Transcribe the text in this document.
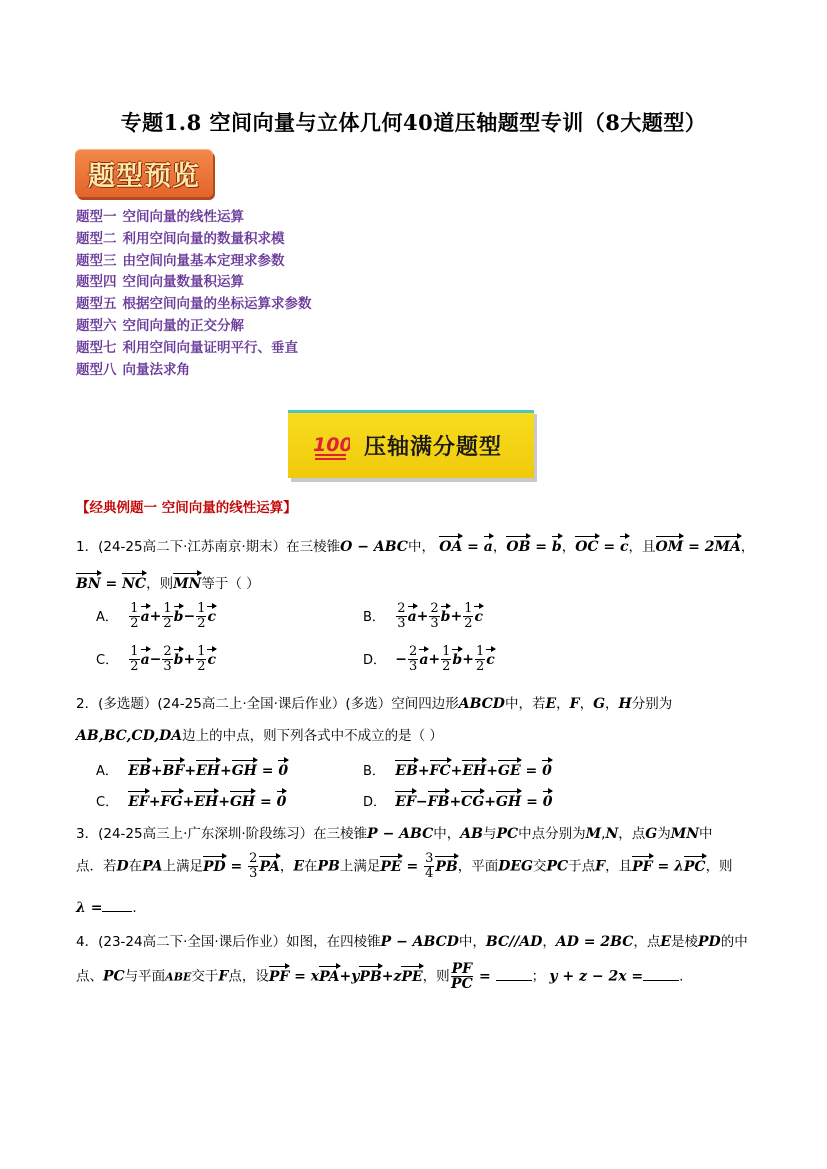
专题1.8 空间向量与立体几何40道压轴题型专训（8大题型）
题型预览
题型一 空间向量的线性运算
题型二 利用空间向量的数量积求模
题型三 由空间向量基本定理求参数
题型四 空间向量数量积运算
题型五 根据空间向量的坐标运算求参数
题型六 空间向量的正交分解
题型七 利用空间向量证明平行、垂直
题型八 向量法求角
100 压轴满分题型
【经典例题一 空间向量的线性运算】
1．(24-25高二下·江苏南京·期末）在三棱锥O − ABC中， OA = a，OB = b，OC = c，且OM = 2MA，
BN = NC，则MN等于（ ）
A． $\frac{1}{2} a+ \frac{1}{2} b- \frac{1}{2}$ c	B． $\frac{2}{3} a+ \frac{2}{3} b+ \frac{1}{2}$ c
C． $\frac{1}{2} a- \frac{2}{3} b+ \frac{1}{2}$ c	D． − $\frac{2}{3} a+ \frac{1}{2} b+ \frac{1}{2}$ c
2．(多选题）(24-25高二上·全国·课后作业）(多选）空间四边形ABCD中，若E，F，G，H分别为
AB,BC,CD,DA边上的中点，则下列各式中不成立的是（ ）
A． EB+BF+EH+GH = 0	B． EB+FC+EH+GE = 0
C． EF+FG+EH+GH = 0	D． EF−FB+CG+GH = 0
3．(24-25高三上·广东深圳·阶段练习）在三棱锥P − ABC中，AB与PC中点分别为M,N，点G为MN中
点．若D在PA上满足PD = $\frac{2}{3}$ PA，E在PB上满足PE = $\frac{3}{4}$ PB，平面DEG交PC于点F，且PF = λPC，则
λ = .
4．(23-24高二下·全国·课后作业）如图，在四棱锥P − ABCD中，BC//AD，AD = 2BC，点E是棱PD的中
点、PC与平面ABE交于F点，设PF = xPA+yPB+zPE，则 $\frac{PF}{PC}$ =	； y + z − 2x =	.
